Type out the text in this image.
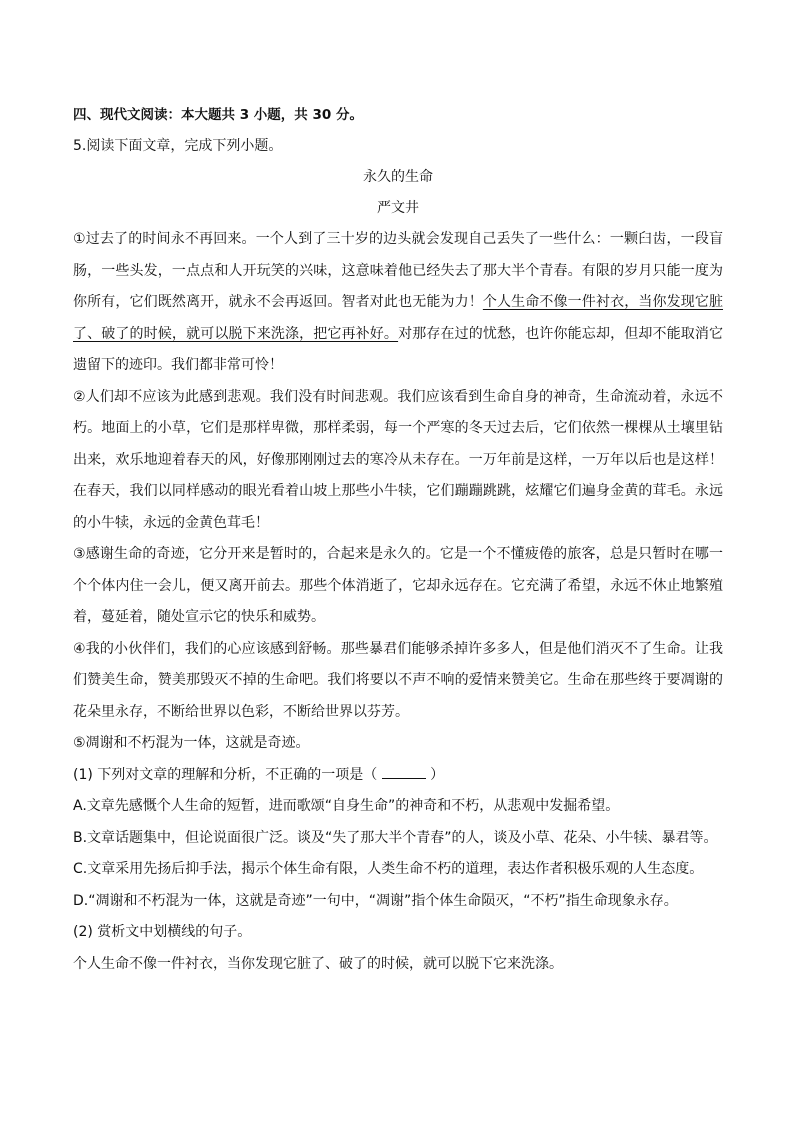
四、现代文阅读：本大题共 3 小题，共 30 分。
5.阅读下面文章，完成下列小题。
永久的生命
严文井

①过去了的时间永不再回来。一个人到了三十岁的边头就会发现自己丢失了一些什么：一颗臼齿，一段盲肠，一些头发，一点点和人开玩笑的兴味，这意味着他已经失去了那大半个青春。有限的岁月只能一度为你所有，它们既然离开，就永不会再返回。智者对此也无能为力！个人生命不像一件衬衣，当你发现它脏了、破了的时候，就可以脱下来洗涤，把它再补好。对那存在过的忧愁，也许你能忘却，但却不能取消它遗留下的迹印。我们都非常可怜！

②人们却不应该为此感到悲观。我们没有时间悲观。我们应该看到生命自身的神奇，生命流动着，永远不朽。地面上的小草，它们是那样卑微，那样柔弱，每一个严寒的冬天过去后，它们依然一棵棵从土壤里钻出来，欢乐地迎着春天的风，好像那刚刚过去的寒冷从未存在。一万年前是这样，一万年以后也是这样！在春天，我们以同样感动的眼光看着山坡上那些小牛犊，它们蹦蹦跳跳，炫耀它们遍身金黄的茸毛。永远的小牛犊，永远的金黄色茸毛！

③感谢生命的奇迹，它分开来是暂时的，合起来是永久的。它是一个不懂疲倦的旅客，总是只暂时在哪一个个体内住一会儿，便又离开前去。那些个体消逝了，它却永远存在。它充满了希望，永远不休止地繁殖着，蔓延着，随处宣示它的快乐和威势。

④我的小伙伴们，我们的心应该感到舒畅。那些暴君们能够杀掉许多多人，但是他们消灭不了生命。让我们赞美生命，赞美那毁灭不掉的生命吧。我们将要以不声不响的爱情来赞美它。生命在那些终于要凋谢的花朵里永存，不断给世界以色彩，不断给世界以芬芳。

⑤凋谢和不朽混为一体，这就是奇迹。

(1) 下列对文章的理解和分析，不正确的一项是（	）

A.文章先感慨个人生命的短暂，进而歌颂“自身生命”的神奇和不朽，从悲观中发掘希望。

B.文章话题集中，但论说面很广泛。谈及“失了那大半个青春”的人，谈及小草、花朵、小牛犊、暴君等。

C.文章采用先扬后抑手法，揭示个体生命有限，人类生命不朽的道理，表达作者积极乐观的人生态度。

D.“凋谢和不朽混为一体，这就是奇迹”一句中，“凋谢”指个体生命陨灭，“不朽”指生命现象永存。

(2) 赏析文中划横线的句子。

个人生命不像一件衬衣，当你发现它脏了、破了的时候，就可以脱下它来洗涤。
